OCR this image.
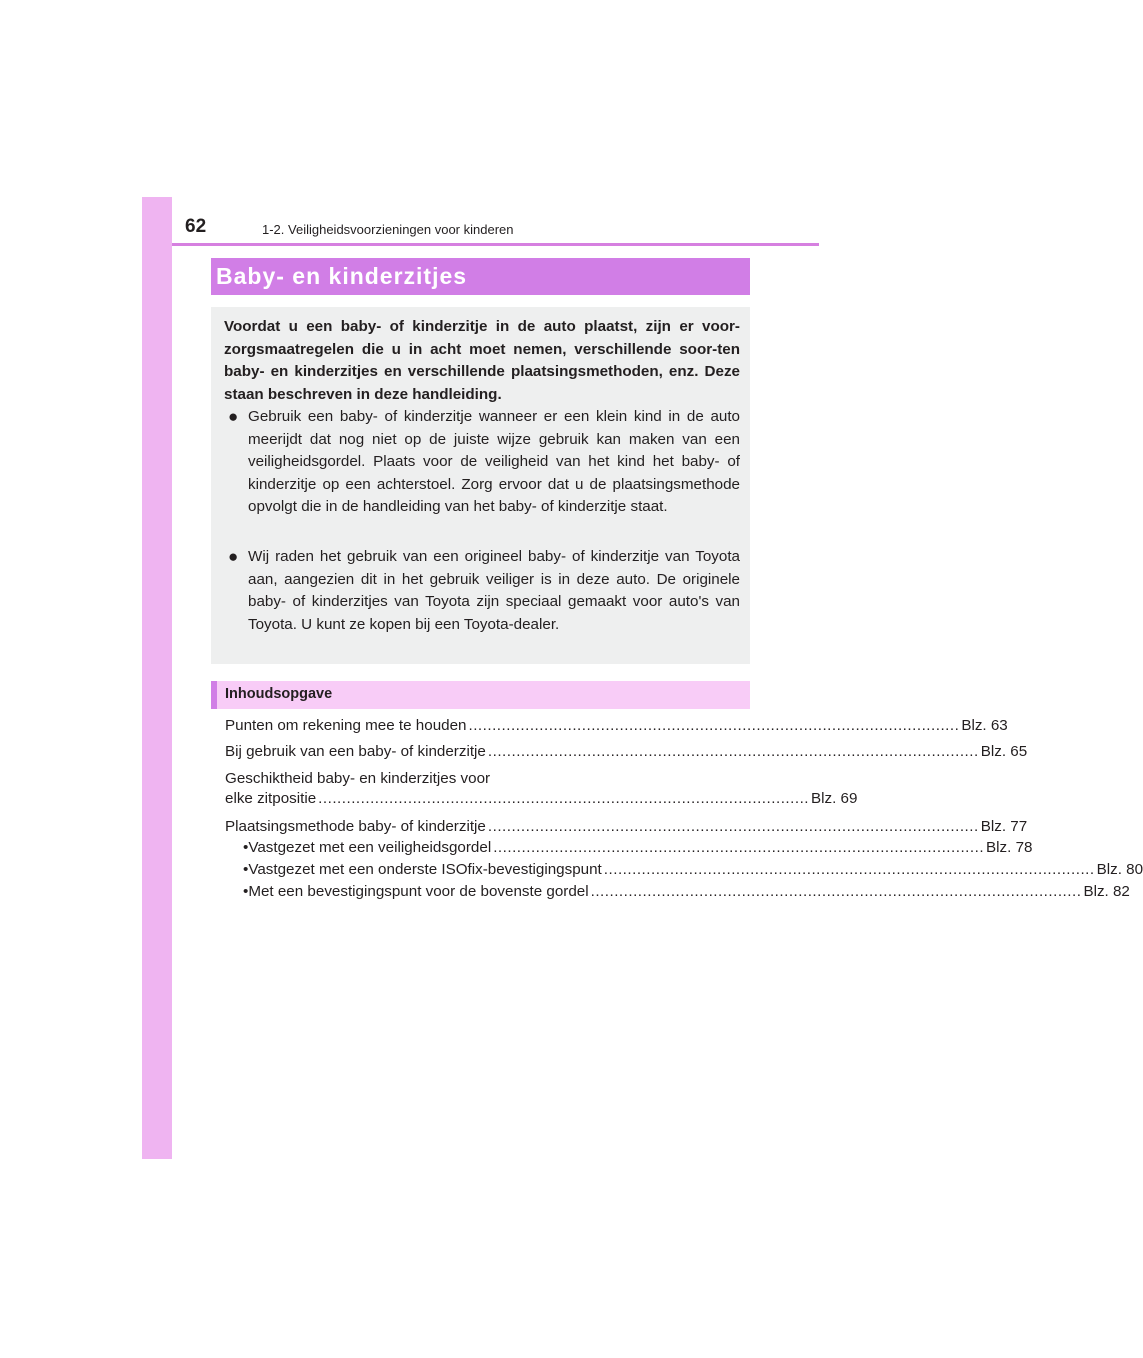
62	1-2. Veiligheidsvoorzieningen voor kinderen
Baby- en kinderzitjes
Voordat u een baby- of kinderzitje in de auto plaatst, zijn er voor-zorgsmaatregelen die u in acht moet nemen, verschillende soor-ten baby- en kinderzitjes en verschillende plaatsingsmethoden, enz. Deze staan beschreven in deze handleiding.
● Gebruik een baby- of kinderzitje wanneer er een klein kind in de auto meerijdt dat nog niet op de juiste wijze gebruik kan maken van een veiligheidsgordel. Plaats voor de veiligheid van het kind het baby- of kinderzitje op een achterstoel. Zorg ervoor dat u de plaatsingsmethode opvolgt die in de handleiding van het baby- of kinderzitje staat.
● Wij raden het gebruik van een origineel baby- of kinderzitje van Toyota aan, aangezien dit in het gebruik veiliger is in deze auto. De originele baby- of kinderzitjes van Toyota zijn speciaal gemaakt voor auto's van Toyota. U kunt ze kopen bij een Toyota-dealer.
Inhoudsopgave
Punten om rekening mee te houden ........................................................................................................ Blz. 63
Bij gebruik van een baby- of kinderzitje ........................................................................................................ Blz. 65
Geschiktheid baby- en kinderzitjes voor
elke zitpositie ........................................................................................................ Blz. 69
Plaatsingsmethode baby- of kinderzitje ........................................................................................................ Blz. 77
• Vastgezet met een veiligheidsgordel ........................................................................................................ Blz. 78
• Vastgezet met een onderste ISOfix-bevestigingspunt ........................................................................................................ Blz. 80
• Met een bevestigingspunt voor de bovenste gordel ........................................................................................................ Blz. 82
